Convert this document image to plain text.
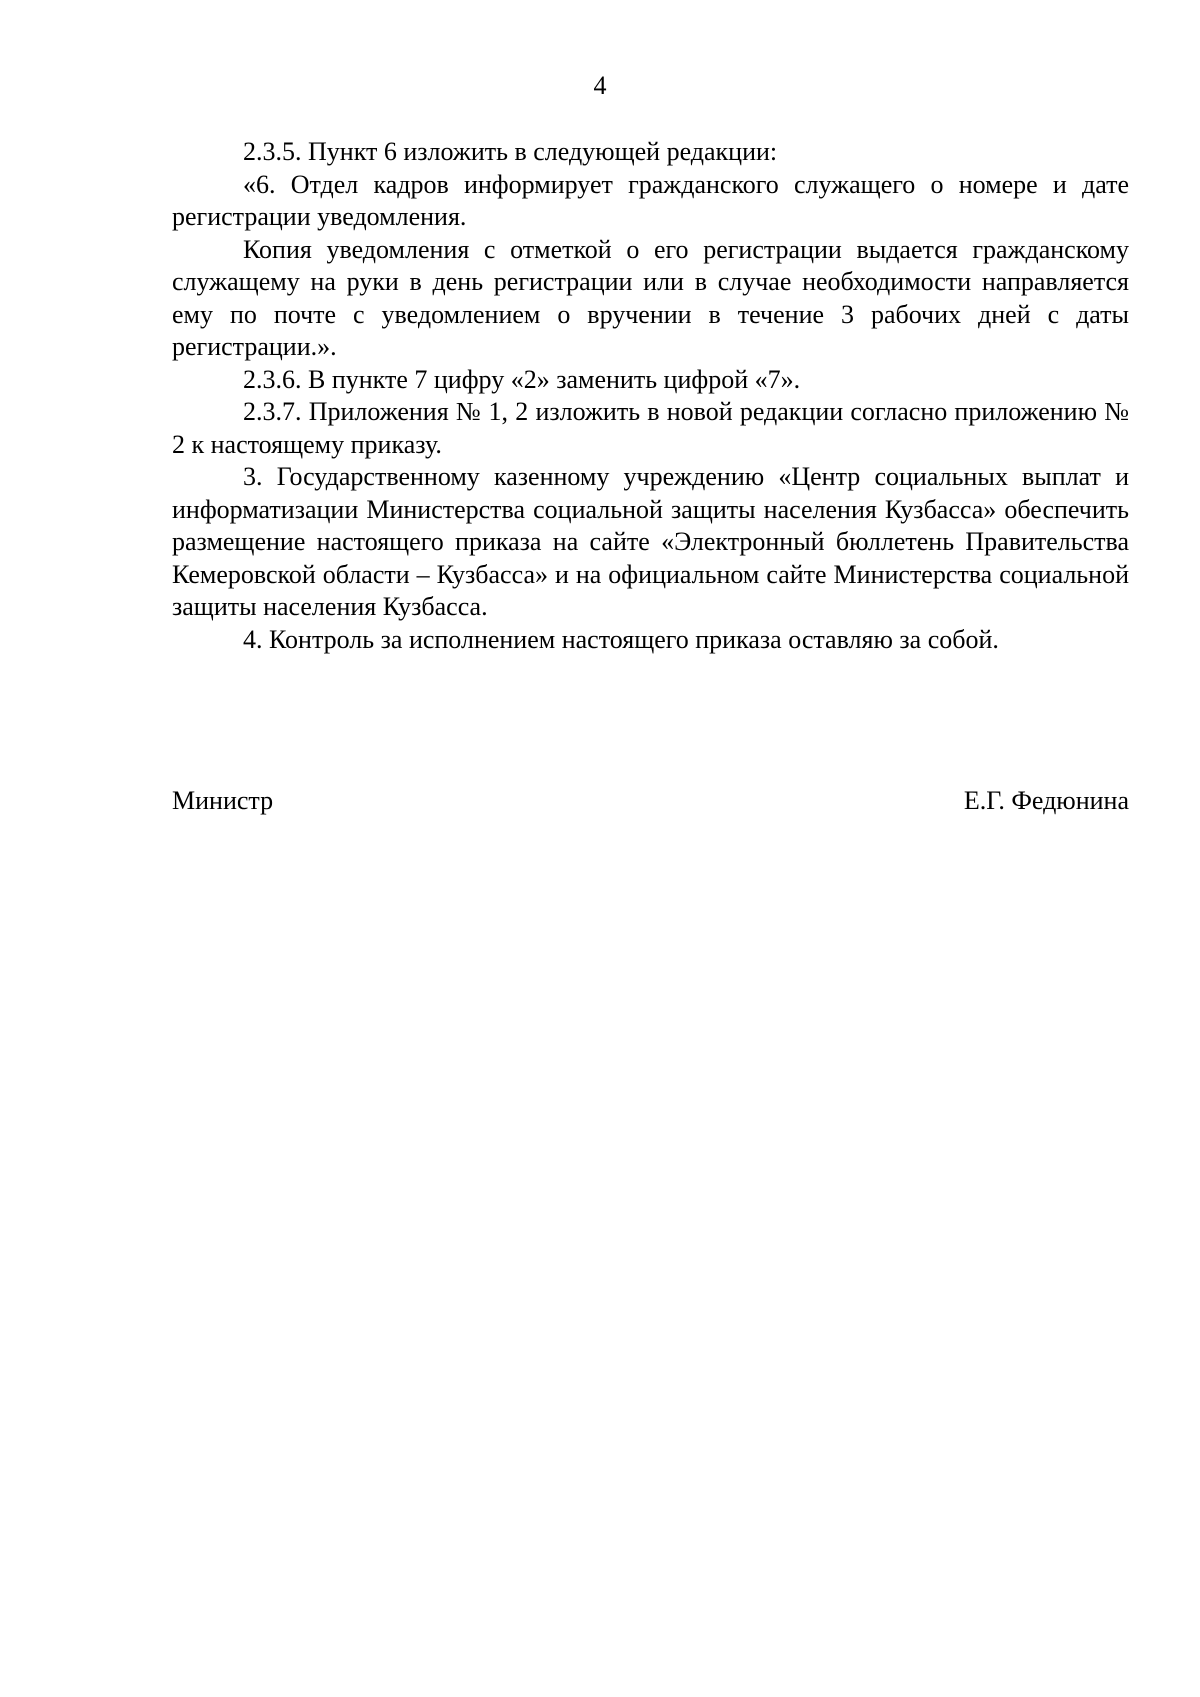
4

2.3.5. Пункт 6 изложить в следующей редакции:

«6. Отдел кадров информирует гражданского служащего о номере и дате регистрации уведомления.

Копия уведомления с отметкой о его регистрации выдается гражданскому служащему на руки в день регистрации или в случае необходимости направляется ему по почте с уведомлением о вручении в течение 3 рабочих дней с даты регистрации.».

2.3.6. В пункте 7 цифру «2» заменить цифрой «7».

2.3.7. Приложения № 1, 2 изложить в новой редакции согласно приложению № 2 к настоящему приказу.

3. Государственному казенному учреждению «Центр социальных выплат и информатизации Министерства социальной защиты населения Кузбасса» обеспечить размещение настоящего приказа на сайте «Электронный бюллетень Правительства Кемеровской области – Кузбасса» и на официальном сайте Министерства социальной защиты населения Кузбасса.

4. Контроль за исполнением настоящего приказа оставляю за собой.

Министр	Е.Г. Федюнина
